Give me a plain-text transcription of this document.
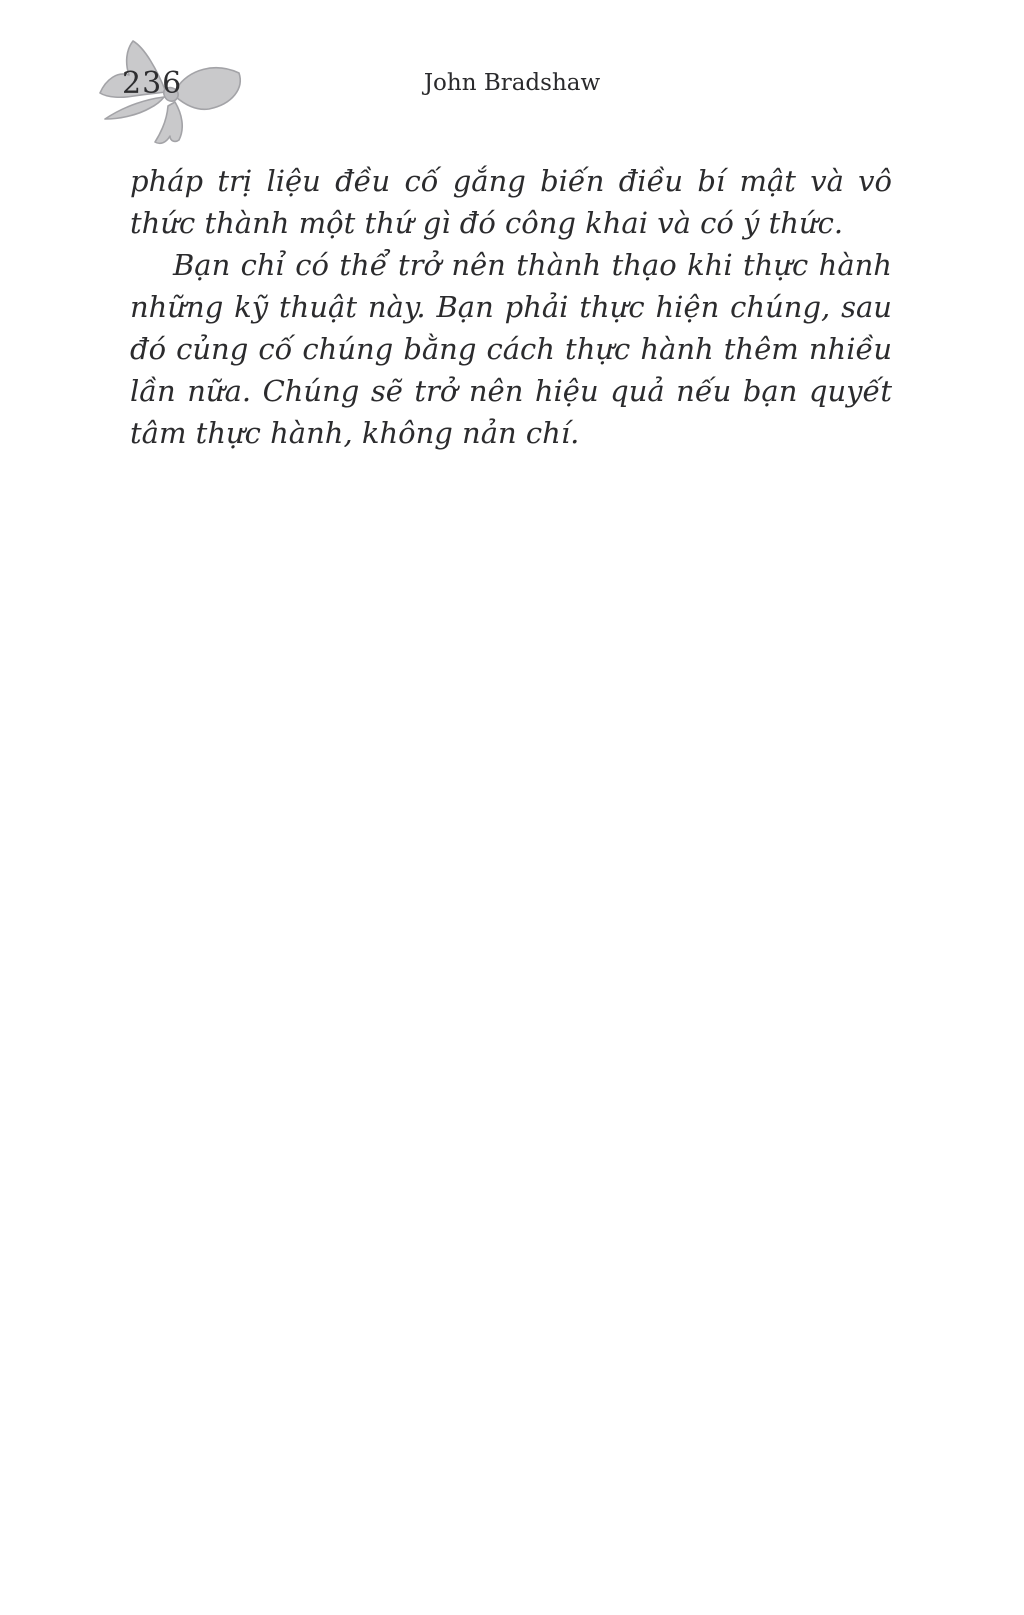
236	John Bradshaw

pháp trị liệu đều cố gắng biến điều bí mật và vô thức thành một thứ gì đó công khai và có ý thức.

Bạn chỉ có thể trở nên thành thạo khi thực hành những kỹ thuật này. Bạn phải thực hiện chúng, sau đó củng cố chúng bằng cách thực hành thêm nhiều lần nữa. Chúng sẽ trở nên hiệu quả nếu bạn quyết tâm thực hành, không nản chí.
